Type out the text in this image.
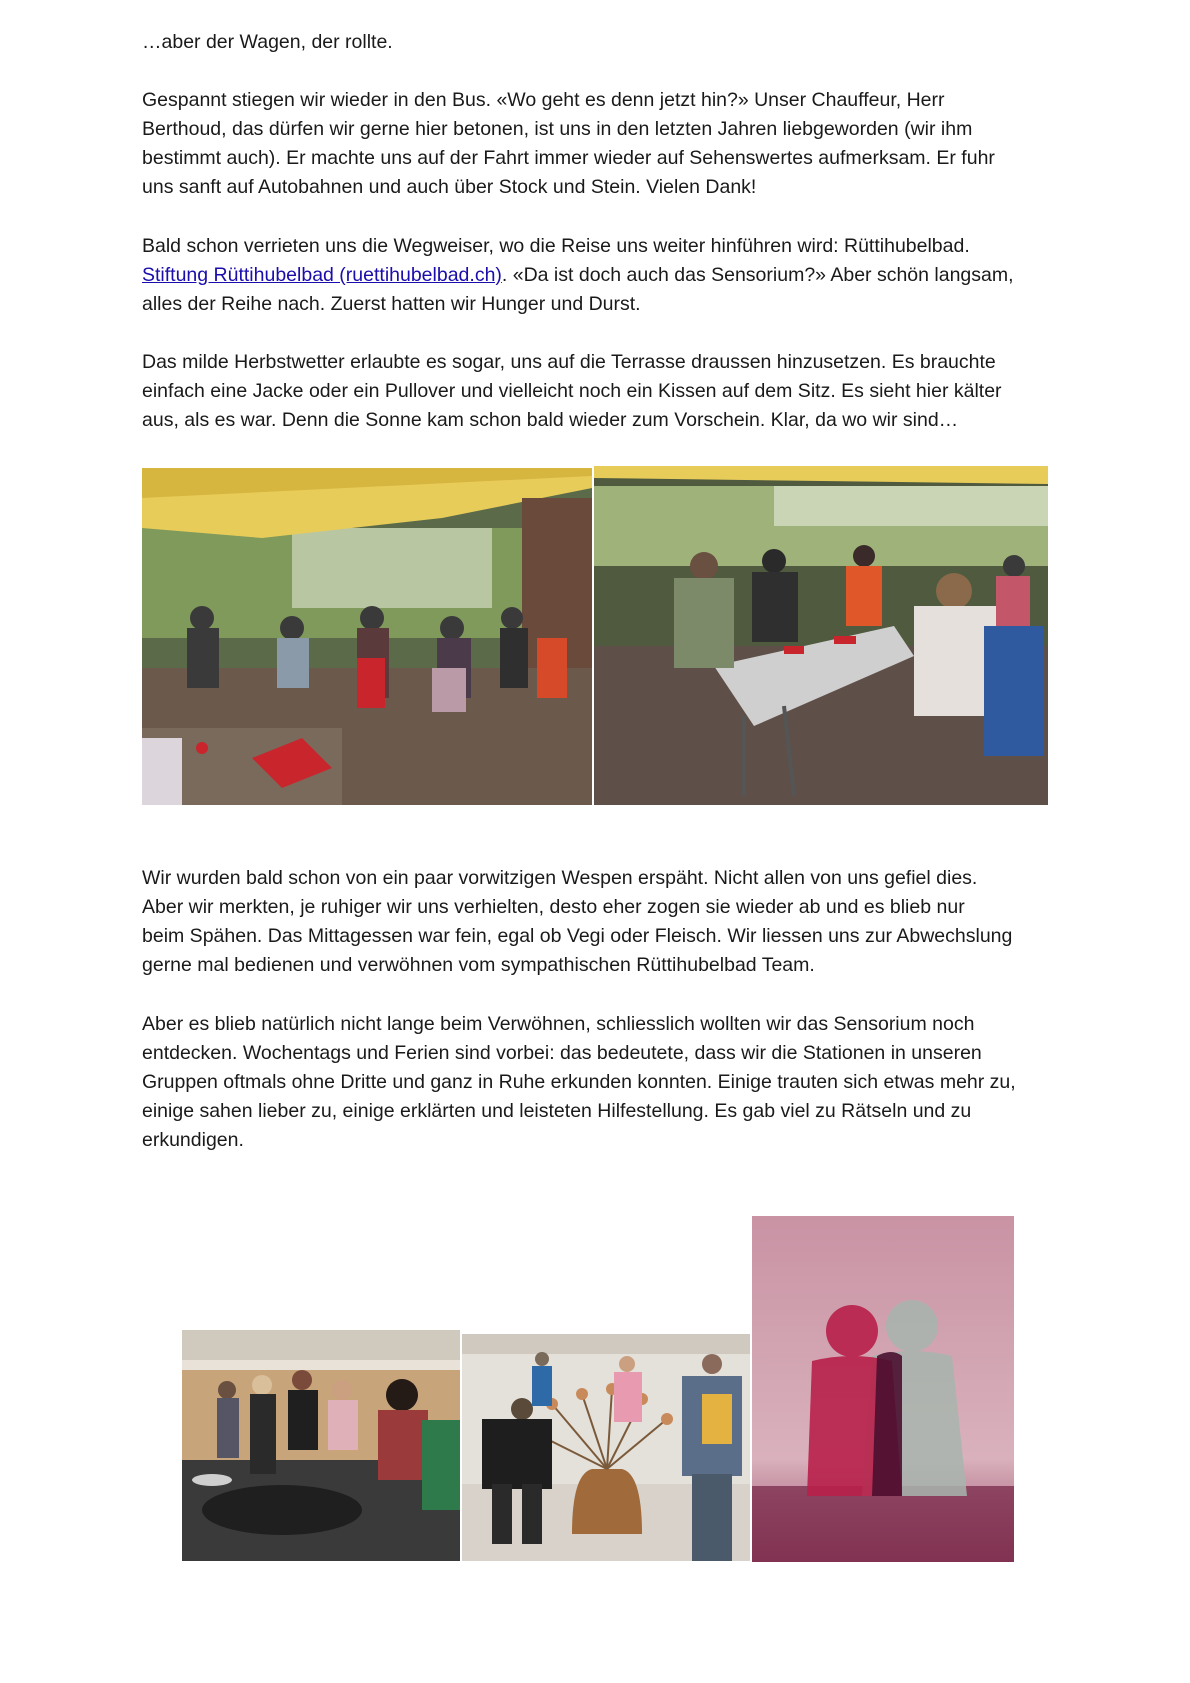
…aber der Wagen, der rollte.

Gespannt stiegen wir wieder in den Bus. «Wo geht es denn jetzt hin?» Unser Chauffeur, Herr
Berthoud, das dürfen wir gerne hier betonen, ist uns in den letzten Jahren liebgeworden (wir ihm
bestimmt auch). Er machte uns auf der Fahrt immer wieder auf Sehenswertes aufmerksam. Er fuhr
uns sanft auf Autobahnen und auch über Stock und Stein. Vielen Dank!

Bald schon verrieten uns die Wegweiser, wo die Reise uns weiter hinführen wird: Rüttihubelbad.
Stiftung Rüttihubelbad (ruettihubelbad.ch). «Da ist doch auch das Sensorium?» Aber schön langsam,
alles der Reihe nach. Zuerst hatten wir Hunger und Durst.

Das milde Herbstwetter erlaubte es sogar, uns auf die Terrasse draussen hinzusetzen. Es brauchte
einfach eine Jacke oder ein Pullover und vielleicht noch ein Kissen auf dem Sitz. Es sieht hier kälter
aus, als es war. Denn die Sonne kam schon bald wieder zum Vorschein. Klar, da wo wir sind…

Wir wurden bald schon von ein paar vorwitzigen Wespen erspäht. Nicht allen von uns gefiel dies.
Aber wir merkten, je ruhiger wir uns verhielten, desto eher zogen sie wieder ab und es blieb nur
beim Spähen. Das Mittagessen war fein, egal ob Vegi oder Fleisch. Wir liessen uns zur Abwechslung
gerne mal bedienen und verwöhnen vom sympathischen Rüttihubelbad Team.

Aber es blieb natürlich nicht lange beim Verwöhnen, schliesslich wollten wir das Sensorium noch
entdecken. Wochentags und Ferien sind vorbei: das bedeutete, dass wir die Stationen in unseren
Gruppen oftmals ohne Dritte und ganz in Ruhe erkunden konnten. Einige trauten sich etwas mehr zu,
einige sahen lieber zu, einige erklärten und leisteten Hilfestellung. Es gab viel zu Rätseln und zu
erkundigen.
